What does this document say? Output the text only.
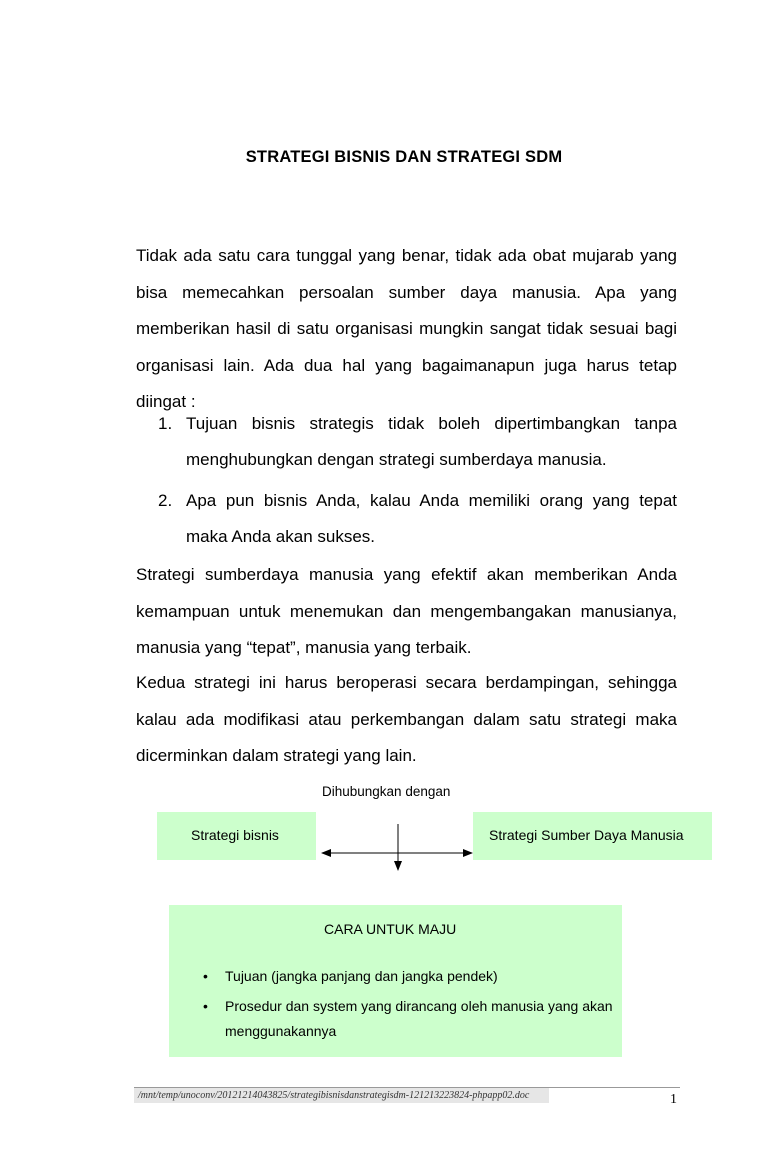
STRATEGI BISNIS DAN STRATEGI SDM
Tidak ada satu cara tunggal yang benar, tidak ada obat mujarab yang bisa memecahkan persoalan sumber daya manusia. Apa yang memberikan hasil di satu organisasi mungkin sangat tidak sesuai bagi organisasi lain. Ada dua hal yang bagaimanapun juga harus tetap diingat :
1. Tujuan bisnis strategis tidak boleh dipertimbangkan tanpa menghubungkan dengan strategi sumberdaya manusia.
2. Apa pun bisnis Anda, kalau Anda memiliki orang yang tepat maka Anda akan sukses.
Strategi sumberdaya manusia yang efektif akan memberikan Anda kemampuan untuk menemukan dan mengembangakan manusianya, manusia yang “tepat”, manusia yang terbaik.
Kedua strategi ini harus beroperasi secara berdampingan, sehingga kalau ada modifikasi atau perkembangan dalam satu strategi maka dicerminkan dalam strategi yang lain.
Dihubungkan dengan
Strategi bisnis	Strategi Sumber Daya Manusia
CARA UNTUK MAJU
• Tujuan (jangka panjang dan jangka pendek)
• Prosedur dan system yang dirancang oleh manusia yang akan menggunakannya
/mnt/temp/unoconv/20121214043825/strategibisnisdanstrategisdm-121213223824-phpapp02.doc	1
